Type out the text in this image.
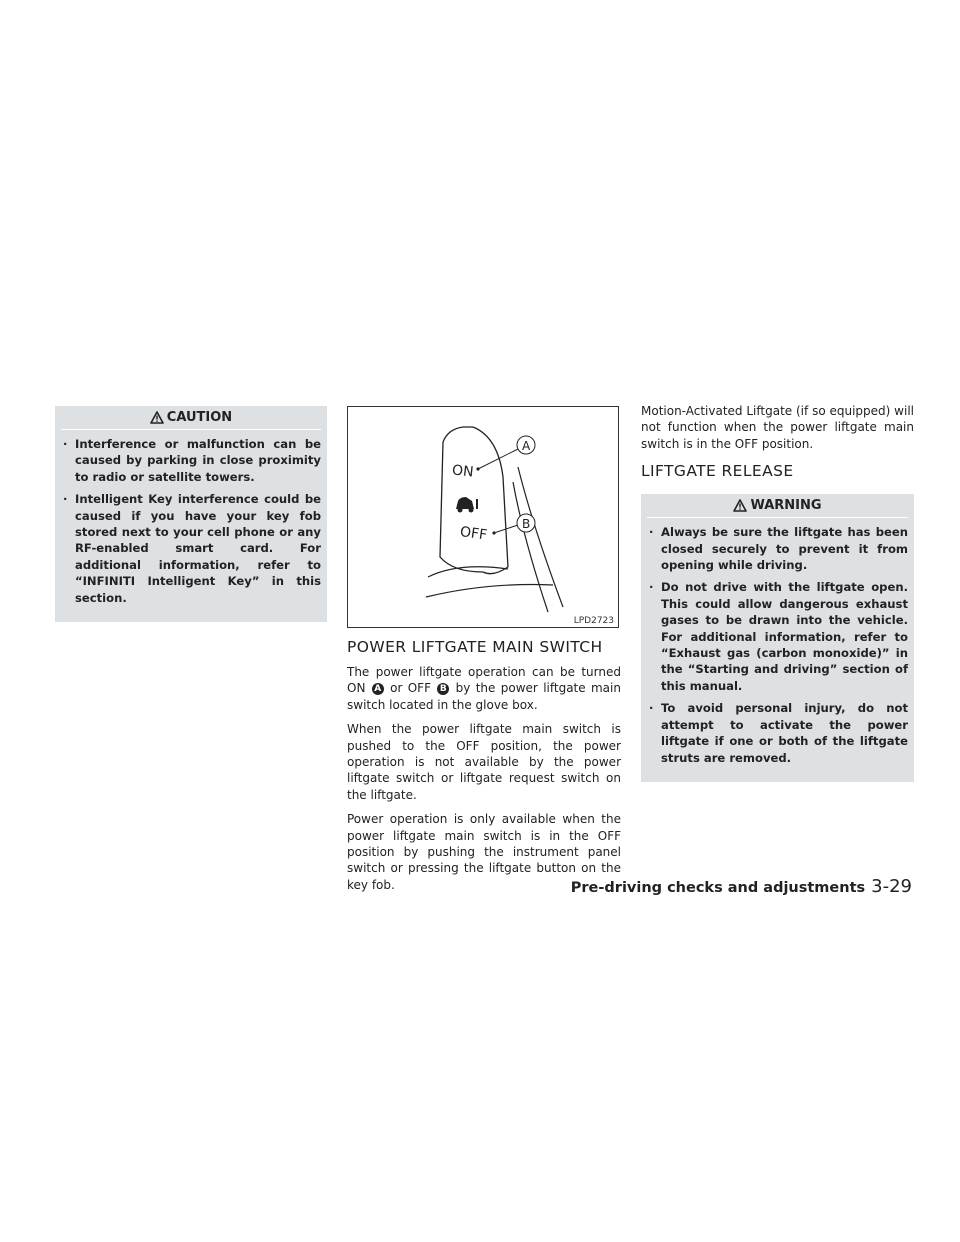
CAUTION
· Interference or malfunction can be caused by parking in close proximity to radio or satellite towers.
· Intelligent Key interference could be caused if you have your key fob stored next to your cell phone or any RF-enabled smart card. For additional information, refer to “INFINITI Intelligent Key” in this section.
ON
OFF
A
B
LPD2723
POWER LIFTGATE MAIN SWITCH

The power liftgate operation can be turned ON A or OFF B by the power liftgate main switch located in the glove box.

When the power liftgate main switch is pushed to the OFF position, the power operation is not available by the power liftgate switch or liftgate request switch on the liftgate.

Power operation is only available when the power liftgate main switch is in the OFF position by pushing the instrument panel switch or pressing the liftgate button on the key fob.

Motion-Activated Liftgate (if so equipped) will not function when the power liftgate main switch is in the OFF position.

LIFTGATE RELEASE
WARNING
· Always be sure the liftgate has been closed securely to prevent it from opening while driving.
· Do not drive with the liftgate open. This could allow dangerous exhaust gases to be drawn into the vehicle. For additional information, refer to “Exhaust gas (carbon monoxide)” in the “Starting and driving” section of this manual.
· To avoid personal injury, do not attempt to activate the power liftgate if one or both of the liftgate struts are removed.
Pre-driving checks and adjustments 3-29
